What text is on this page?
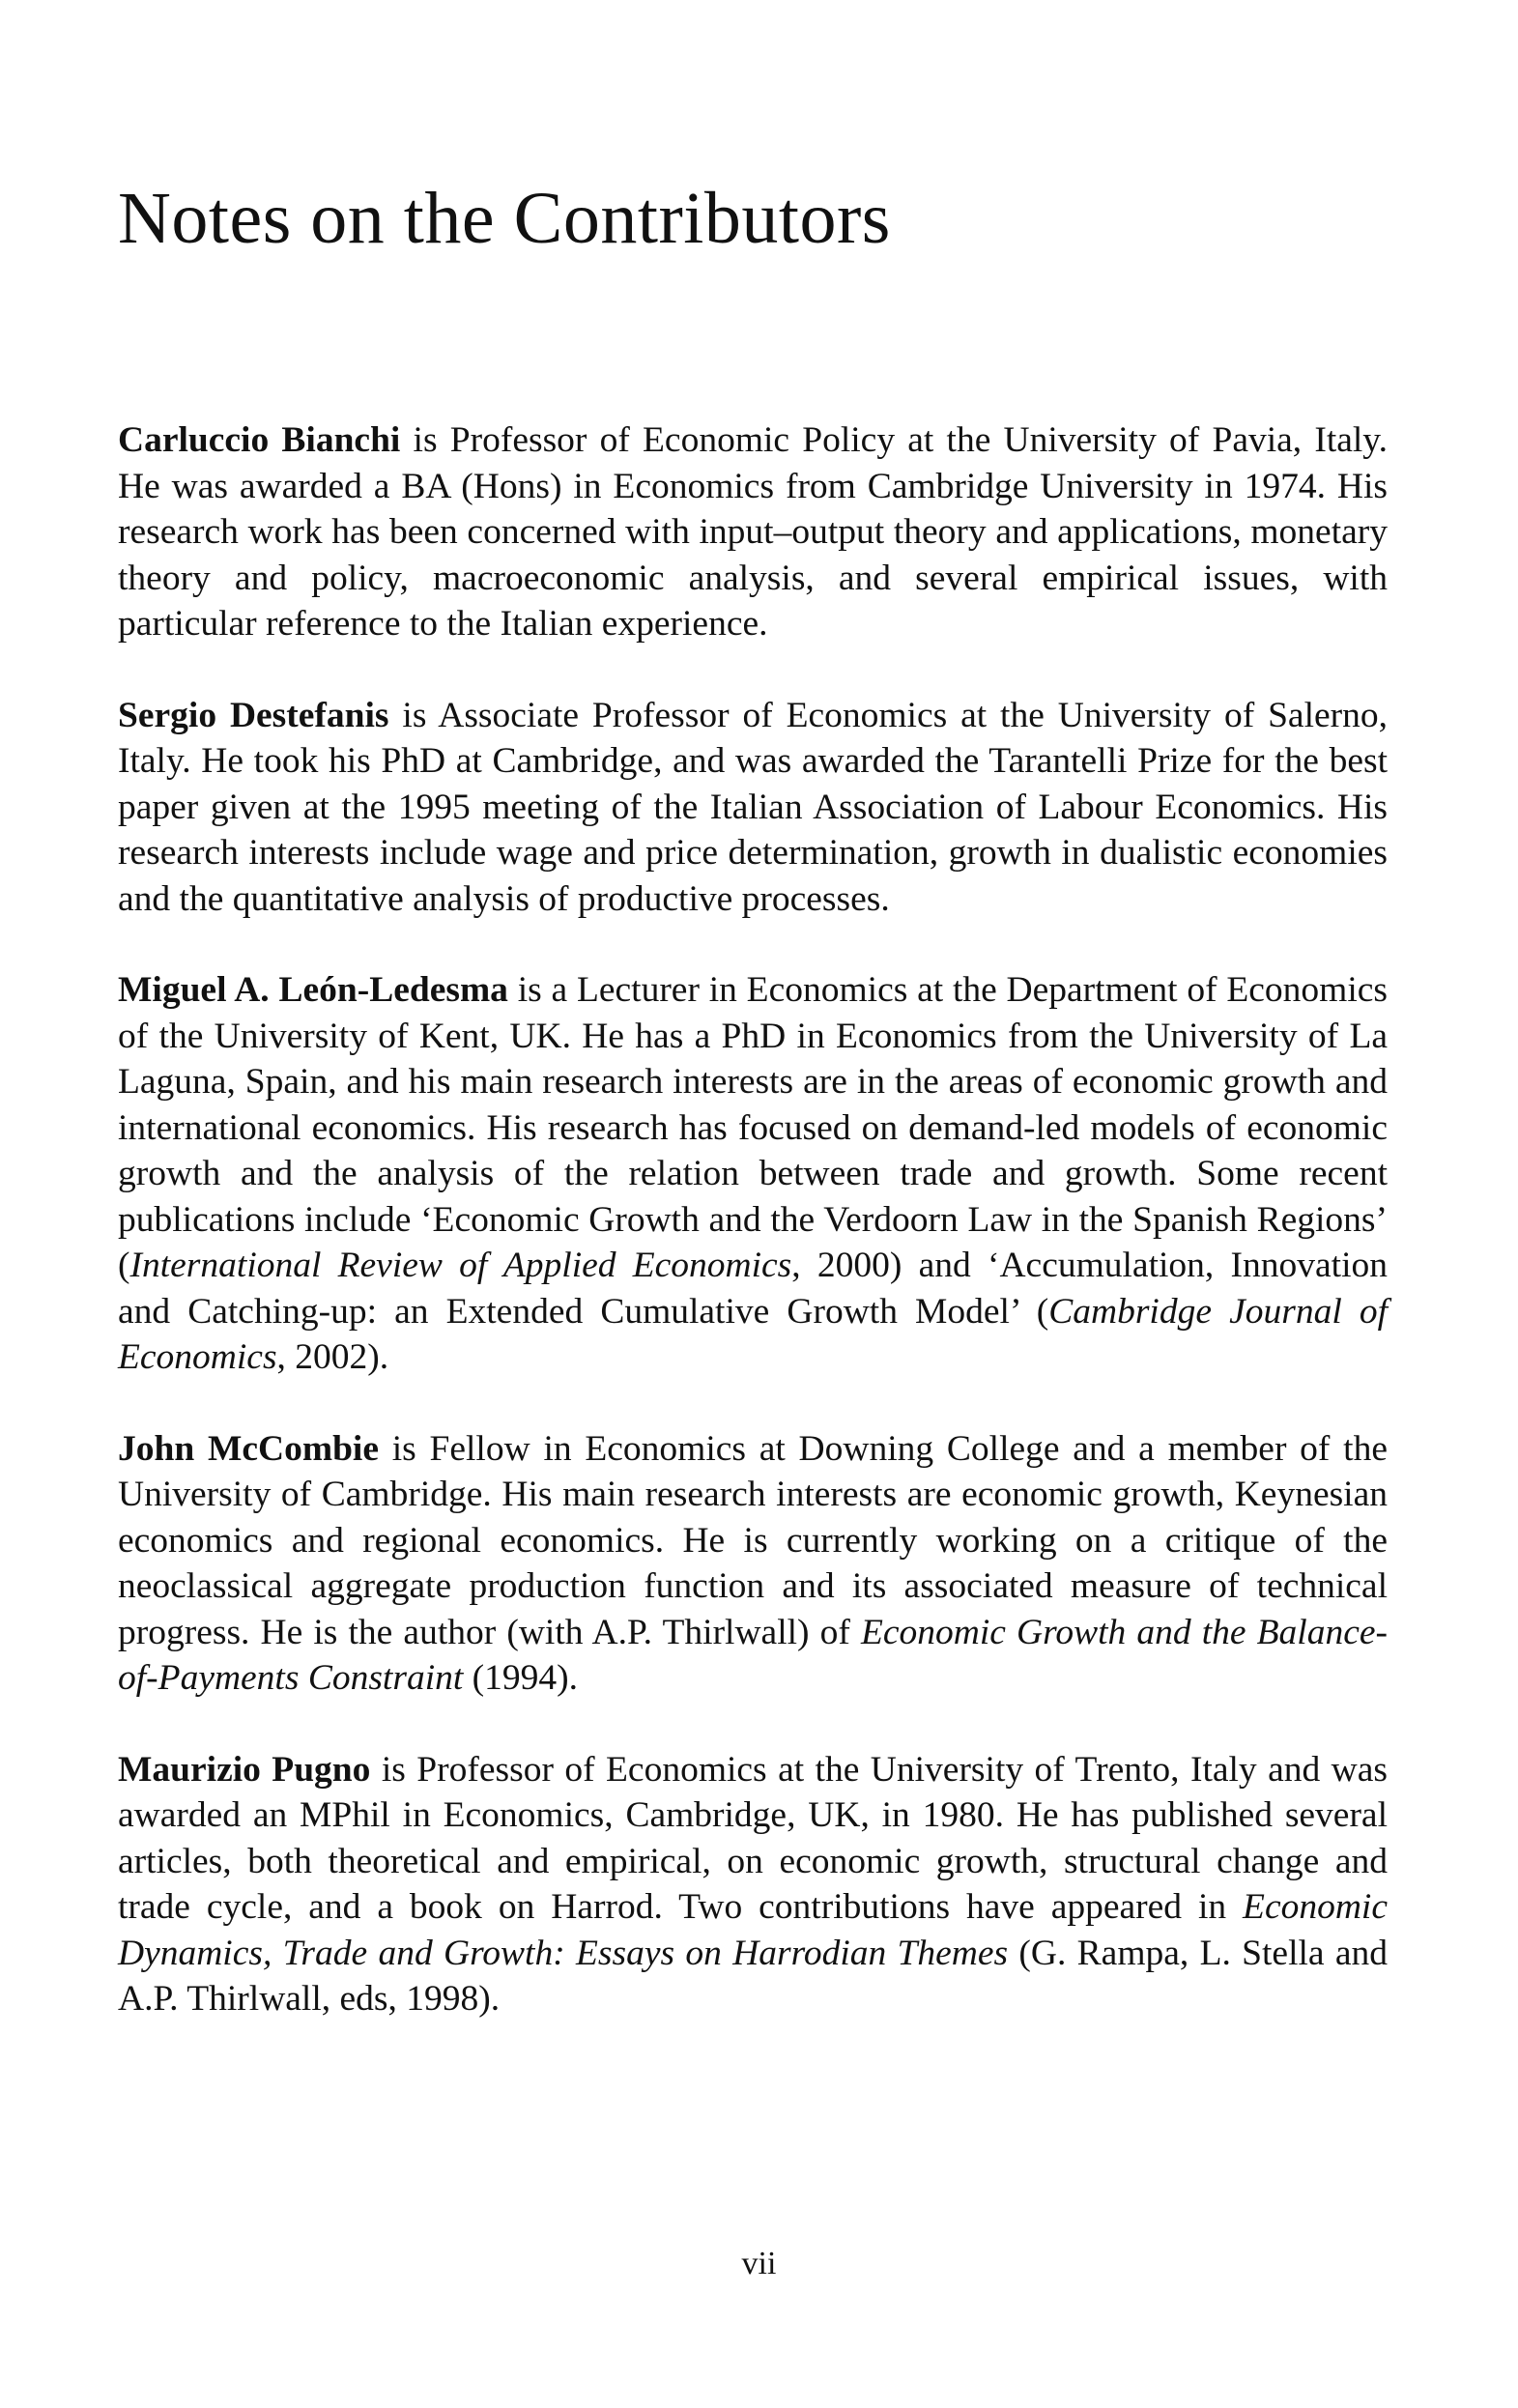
Notes on the Contributors

Carluccio Bianchi is Professor of Economic Policy at the University of Pavia, Italy. He was awarded a BA (Hons) in Economics from Cambridge University in 1974. His research work has been concerned with input–output theory and applications, monetary theory and policy, macroeconomic analysis, and several empirical issues, with particular reference to the Italian experience.

Sergio Destefanis is Associate Professor of Economics at the University of Salerno, Italy. He took his PhD at Cambridge, and was awarded the Tarantelli Prize for the best paper given at the 1995 meeting of the Italian Association of Labour Economics. His research interests include wage and price determination, growth in dualistic economies and the quantitative analysis of productive processes.

Miguel A. León-Ledesma is a Lecturer in Economics at the Department of Economics of the University of Kent, UK. He has a PhD in Economics from the University of La Laguna, Spain, and his main research interests are in the areas of economic growth and international economics. His research has focused on demand-led models of economic growth and the analysis of the relation between trade and growth. Some recent publications include ‘Economic Growth and the Verdoorn Law in the Spanish Regions’ (International Review of Applied Economics, 2000) and ‘Accumulation, Innovation and Catching-up: an Extended Cumulative Growth Model’ (Cambridge Journal of Economics, 2002).

John McCombie is Fellow in Economics at Downing College and a member of the University of Cambridge. His main research interests are economic growth, Keynesian economics and regional economics. He is currently working on a critique of the neoclassical aggregate production function and its associated measure of technical progress. He is the author (with A.P. Thirlwall) of Economic Growth and the Balance-of-Payments Constraint (1994).

Maurizio Pugno is Professor of Economics at the University of Trento, Italy and was awarded an MPhil in Economics, Cambridge, UK, in 1980. He has published several articles, both theoretical and empirical, on economic growth, structural change and trade cycle, and a book on Harrod. Two contributions have appeared in Economic Dynamics, Trade and Growth: Essays on Harrodian Themes (G. Rampa, L. Stella and A.P. Thirlwall, eds, 1998).

vii
